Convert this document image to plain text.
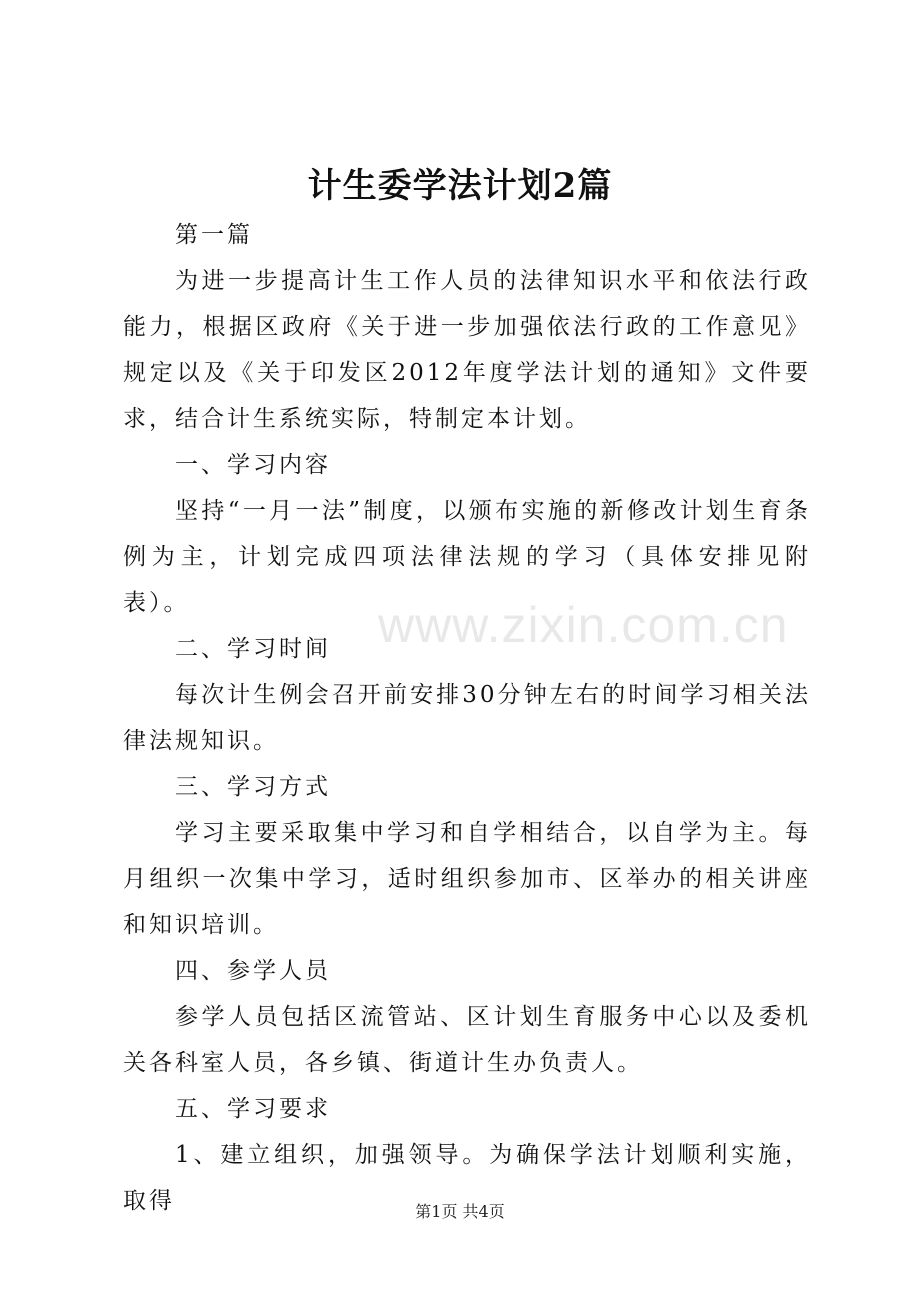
计生委学法计划2篇

第一篇

为进一步提高计生工作人员的法律知识水平和依法行政能力，根据区政府《关于进一步加强依法行政的工作意见》规定以及《关于印发区2012年度学法计划的通知》文件要求，结合计生系统实际，特制定本计划。

一、学习内容

坚持“一月一法”制度，以颁布实施的新修改计划生育条例为主，计划完成四项法律法规的学习（具体安排见附表）。

二、学习时间

每次计生例会召开前安排30分钟左右的时间学习相关法律法规知识。

三、学习方式

学习主要采取集中学习和自学相结合，以自学为主。每月组织一次集中学习，适时组织参加市、区举办的相关讲座和知识培训。

四、参学人员

参学人员包括区流管站、区计划生育服务中心以及委机关各科室人员，各乡镇、街道计生办负责人。

五、学习要求

1、建立组织，加强领导。为确保学法计划顺利实施，取得

www.zixin.com.cn
第1页 共4页
